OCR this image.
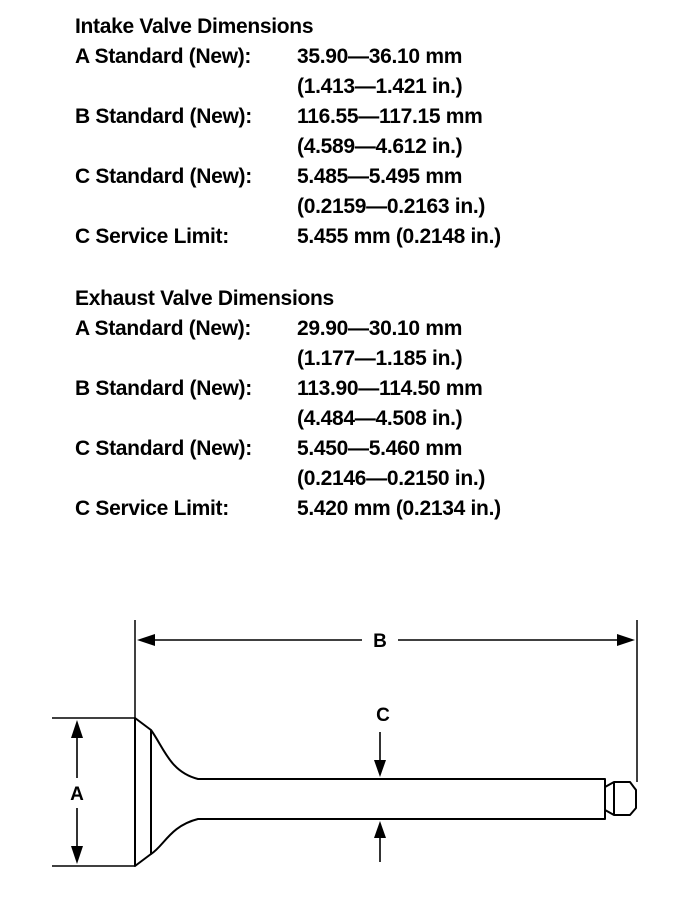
Intake Valve Dimensions
A Standard (New):	35.90—36.10 mm
(1.413—1.421 in.)
B Standard (New):	116.55—117.15 mm
(4.589—4.612 in.)
C Standard (New):	5.485—5.495 mm
(0.2159—0.2163 in.)
C Service Limit:	5.455 mm (0.2148 in.)
Exhaust Valve Dimensions
A Standard (New):	29.90—30.10 mm
(1.177—1.185 in.)
B Standard (New):	113.90—114.50 mm
(4.484—4.508 in.)
C Standard (New):	5.450—5.460 mm
(0.2146—0.2150 in.)
C Service Limit:	5.420 mm (0.2134 in.)
B
A
C
